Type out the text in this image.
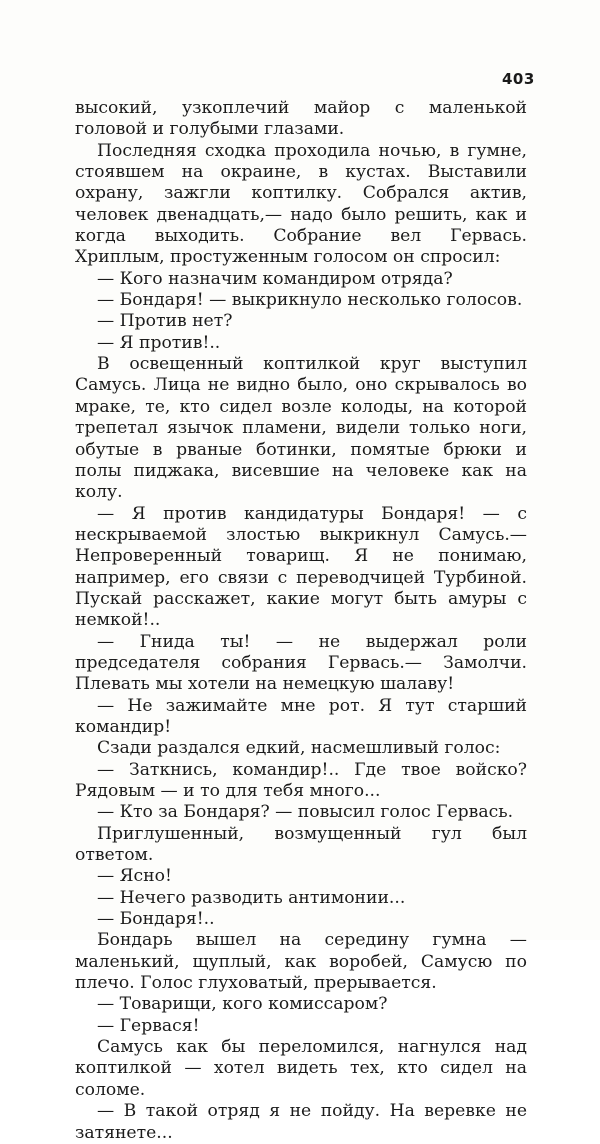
403

высокий, узкоплечий майор с маленькой головой и голубыми глазами.

Последняя сходка проходила ночью, в гумне, стоявшем на окраине, в кустах. Выставили охрану, зажгли коптилку. Собрался актив, человек двенадцать,— надо было решить, как и когда выходить. Собрание вел Гервась. Хриплым, простуженным голосом он спросил:

— Кого назначим командиром отряда?

— Бондаря! — выкрикнуло несколько голосов.

— Против нет?

— Я против!..

В освещенный коптилкой круг выступил Самусь. Лица не видно было, оно скрывалось во мраке, те, кто сидел возле колоды, на которой трепетал язычок пламени, видели только ноги, обутые в рваные ботинки, помятые брюки и полы пиджака, висевшие на человеке как на колу.

— Я против кандидатуры Бондаря! — с нескрываемой злостью выкрикнул Самусь.— Непроверенный товарищ. Я не понимаю, например, его связи с переводчицей Турбиной. Пускай расскажет, какие могут быть амуры с немкой!..

— Гнида ты! — не выдержал роли председателя собрания Гервась.— Замолчи. Плевать мы хотели на немецкую шалаву!

— Не зажимайте мне рот. Я тут старший командир!

Сзади раздался едкий, насмешливый голос:

— Заткнись, командир!.. Где твое войско? Рядовым — и то для тебя много...

— Кто за Бондаря? — повысил голос Гервась.

Приглушенный, возмущенный гул был ответом.

— Ясно!

— Нечего разводить антимонии...

— Бондаря!..

Бондарь вышел на середину гумна — маленький, щуплый, как воробей, Самусю по плечо. Голос глуховатый, прерывается.

— Товарищи, кого комиссаром?

— Гервася!

Самусь как бы переломился, нагнулся над коптилкой — хотел видеть тех, кто сидел на соломе.

— В такой отряд я не пойду. На веревке не затянете...
